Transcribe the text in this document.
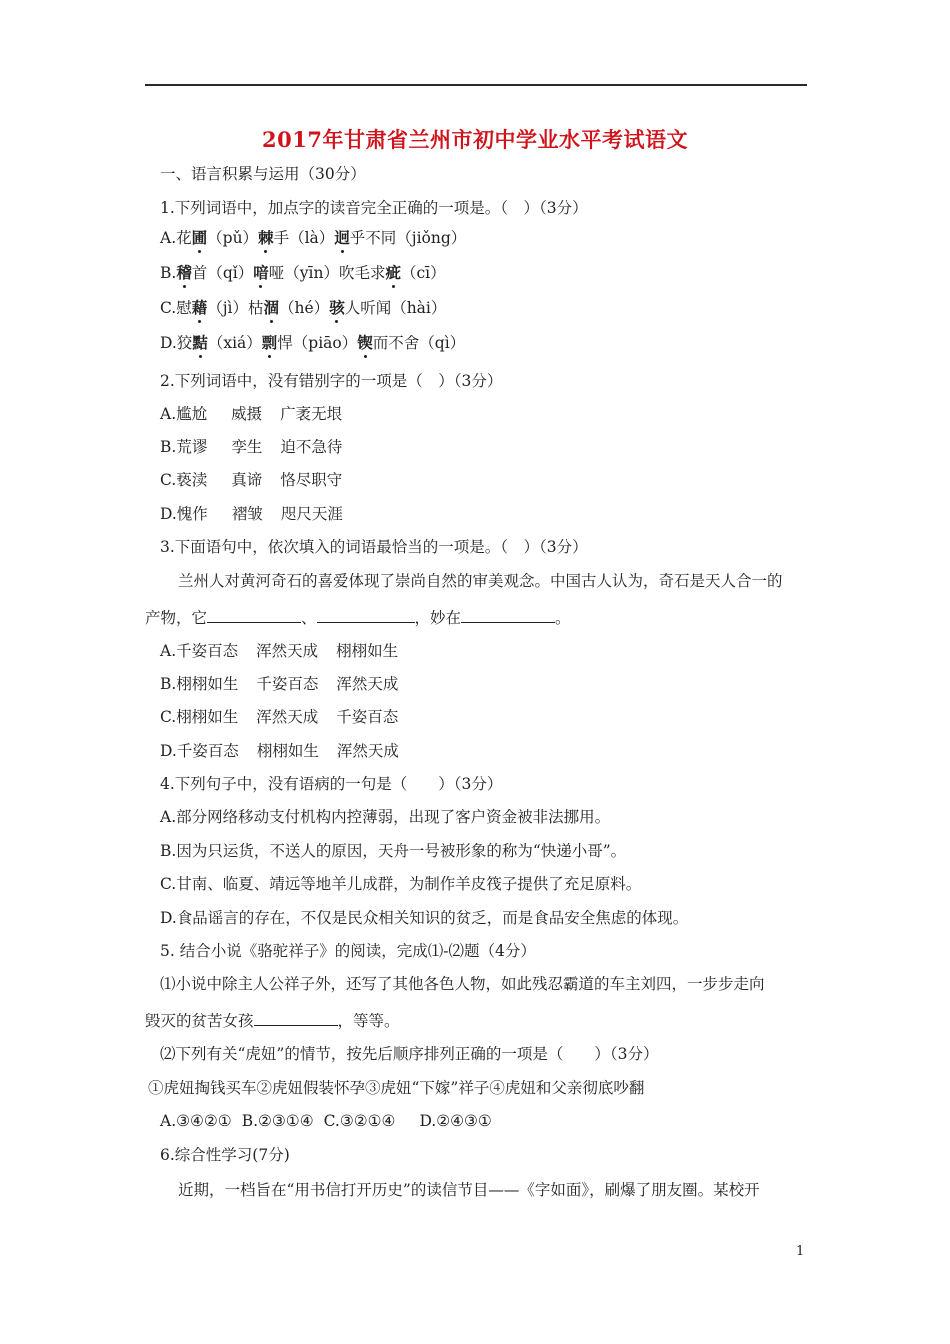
2017年甘肃省兰州市初中学业水平考试语文
一、语言积累与运用（30分）
1.下列词语中，加点字的读音完全正确的一项是。（　）（3分）
A.花圃（pǔ）棘手（là）迥乎不同（jiǒng）
B.稽首（qǐ）喑哑（yīn）吹毛求疵（cī）
C.慰藉（jì）枯涸（hé）骇人听闻（hài）
D.狡黠（xiá）剽悍（piāo）锲而不舍（qì）
2.下列词语中，没有错别字的一项是（　）（3分）
A.尴尬 威摄 广袤无垠
B.荒谬 孪生 迫不急待
C.亵渎 真谛 恪尽职守
D.愧作 褶皱 咫尺天涯
3.下面语句中，依次填入的词语最恰当的一项是。（　）（3分）
兰州人对黄河奇石的喜爱体现了崇尚自然的审美观念。中国古人认为，奇石是天人合一的
产物，它	、	，妙在	。
A.千姿百态 浑然天成 栩栩如生
B.栩栩如生 千姿百态 浑然天成
C.栩栩如生 浑然天成 千姿百态
D.千姿百态 栩栩如生 浑然天成
4.下列句子中，没有语病的一句是（　　）（3分）
A.部分网络移动支付机构内控薄弱，出现了客户资金被非法挪用。
B.因为只运货，不送人的原因，天舟一号被形象的称为“快递小哥”。
C.甘南、临夏、靖远等地羊儿成群，为制作羊皮筏子提供了充足原料。
D.食品谣言的存在，不仅是民众相关知识的贫乏，而是食品安全焦虑的体现。
5. 结合小说《骆驼祥子》的阅读，完成⑴-⑵题（4分）
⑴小说中除主人公祥子外，还写了其他各色人物，如此残忍霸道的车主刘四，一步步走向
毁灭的贫苦女孩	，等等。
⑵下列有关“虎妞”的情节，按先后顺序排列正确的一项是（　　）（3分）
①虎妞掏钱买车②虎妞假装怀孕③虎妞“下嫁”祥子④虎妞和父亲彻底吵翻
A.③④②① B.②③①④ C.③②①④ D.②④③①
6.综合性学习(7分)
近期，一档旨在“用书信打开历史”的读信节目——《字如面》，刷爆了朋友圈。某校开
1
